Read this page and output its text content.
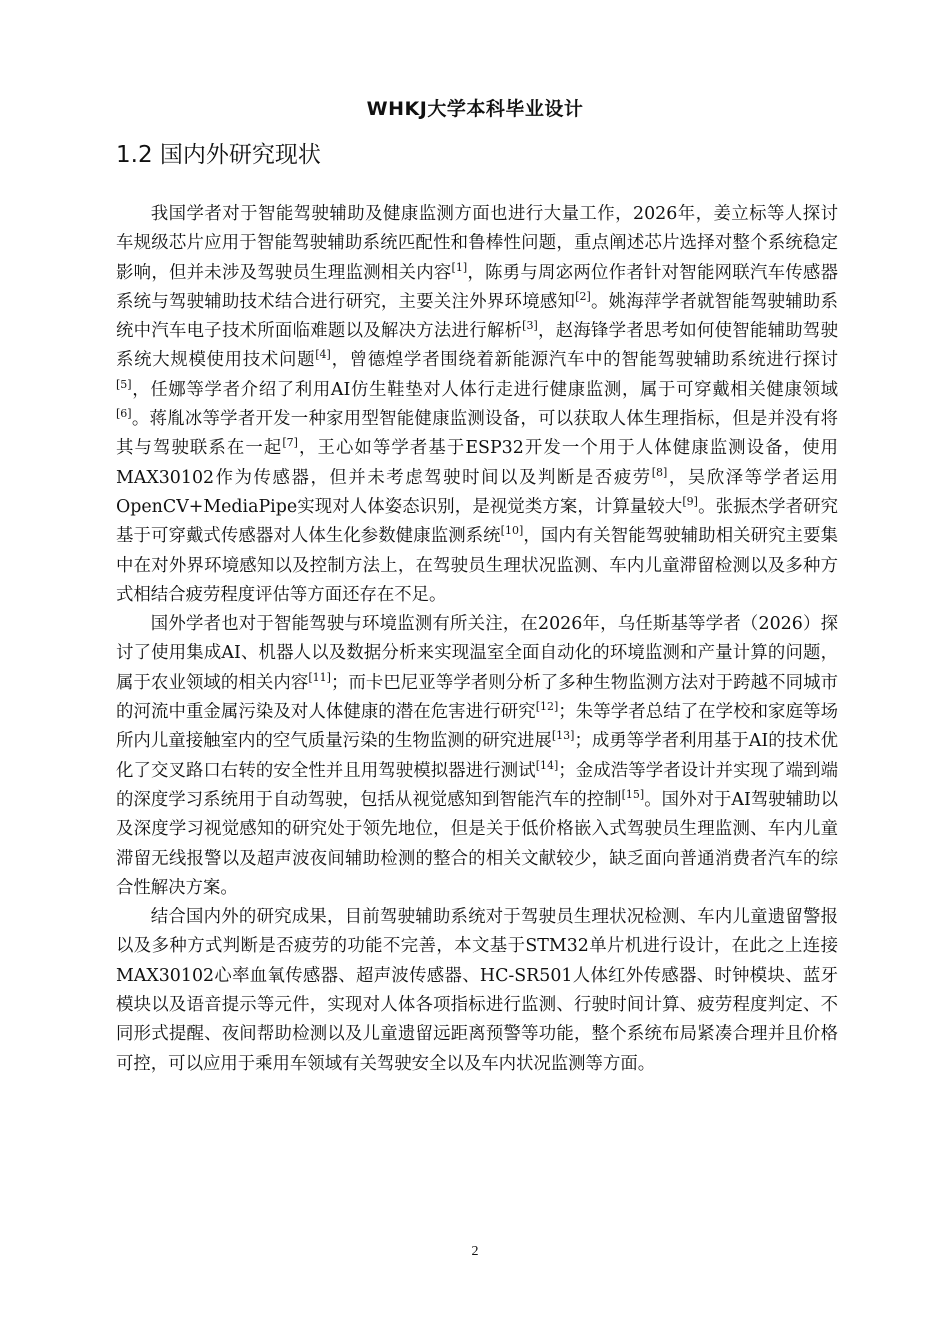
WHKJ大学本科毕业设计
1.2 国内外研究现状

我国学者对于智能驾驶辅助及健康监测方面也进行大量工作，2026年，姜立标等人探讨车规级芯片应用于智能驾驶辅助系统匹配性和鲁棒性问题，重点阐述芯片选择对整个系统稳定影响，但并未涉及驾驶员生理监测相关内容[1]，陈勇与周宓两位作者针对智能网联汽车传感器系统与驾驶辅助技术结合进行研究，主要关注外界环境感知[2]。姚海萍学者就智能驾驶辅助系统中汽车电子技术所面临难题以及解决方法进行解析[3]，赵海锋学者思考如何使智能辅助驾驶系统大规模使用技术问题[4]，曾德煌学者围绕着新能源汽车中的智能驾驶辅助系统进行探讨[5]，任娜等学者介绍了利用AI仿生鞋垫对人体行走进行健康监测，属于可穿戴相关健康领域[6]。蒋胤冰等学者开发一种家用型智能健康监测设备，可以获取人体生理指标，但是并没有将其与驾驶联系在一起[7]，王心如等学者基于ESP32开发一个用于人体健康监测设备，使用MAX30102作为传感器，但并未考虑驾驶时间以及判断是否疲劳[8]，吴欣泽等学者运用OpenCV+MediaPipe实现对人体姿态识别，是视觉类方案，计算量较大[9]。张振杰学者研究基于可穿戴式传感器对人体生化参数健康监测系统[10]，国内有关智能驾驶辅助相关研究主要集中在对外界环境感知以及控制方法上，在驾驶员生理状况监测、车内儿童滞留检测以及多种方式相结合疲劳程度评估等方面还存在不足。

国外学者也对于智能驾驶与环境监测有所关注，在2026年，乌任斯基等学者（2026）探讨了使用集成AI、机器人以及数据分析来实现温室全面自动化的环境监测和产量计算的问题，属于农业领域的相关内容[11]；而卡巴尼亚等学者则分析了多种生物监测方法对于跨越不同城市的河流中重金属污染及对人体健康的潜在危害进行研究[12]；朱等学者总结了在学校和家庭等场所内儿童接触室内的空气质量污染的生物监测的研究进展[13]；成勇等学者利用基于AI的技术优化了交叉路口右转的安全性并且用驾驶模拟器进行测试[14]；金成浩等学者设计并实现了端到端的深度学习系统用于自动驾驶，包括从视觉感知到智能汽车的控制[15]。国外对于AI驾驶辅助以及深度学习视觉感知的研究处于领先地位，但是关于低价格嵌入式驾驶员生理监测、车内儿童滞留无线报警以及超声波夜间辅助检测的整合的相关文献较少，缺乏面向普通消费者汽车的综合性解决方案。

结合国内外的研究成果，目前驾驶辅助系统对于驾驶员生理状况检测、车内儿童遗留警报以及多种方式判断是否疲劳的功能不完善，本文基于STM32单片机进行设计，在此之上连接MAX30102心率血氧传感器、超声波传感器、HC-SR501人体红外传感器、时钟模块、蓝牙模块以及语音提示等元件，实现对人体各项指标进行监测、行驶时间计算、疲劳程度判定、不同形式提醒、夜间帮助检测以及儿童遗留远距离预警等功能，整个系统布局紧凑合理并且价格可控，可以应用于乘用车领域有关驾驶安全以及车内状况监测等方面。

2
